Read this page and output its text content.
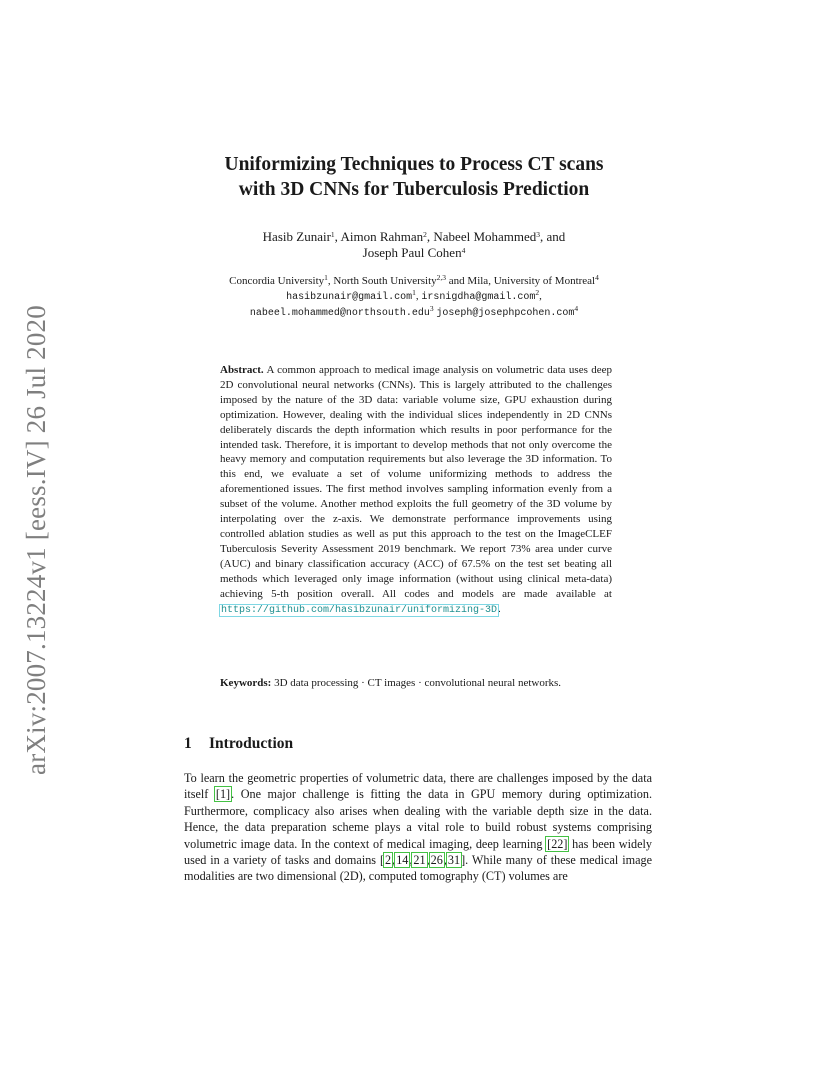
arXiv:2007.13224v1 [eess.IV] 26 Jul 2020
Uniformizing Techniques to Process CT scans
with 3D CNNs for Tuberculosis Prediction
Hasib Zunair$^1$, Aimon Rahman$^2$, Nabeel Mohammed$^3$, and
Joseph Paul Cohen$^4$
Concordia University$^1$, North South University$^{2,3}$ and Mila, University of Montreal$^4$
hasibzunair@gmail.com$^1$, irsnigdha@gmail.com$^2$,
nabeel.mohammed@northsouth.edu$^3$ joseph@josephpcohen.com$^4$
Abstract. A common approach to medical image analysis on volumetric data uses deep 2D convolutional neural networks (CNNs). This is largely attributed to the challenges imposed by the nature of the 3D data: variable volume size, GPU exhaustion during optimization. However, dealing with the individual slices independently in 2D CNNs deliberately discards the depth information which results in poor performance for the intended task. Therefore, it is important to develop methods that not only overcome the heavy memory and computation requirements but also leverage the 3D information. To this end, we evaluate a set of volume uniformizing methods to address the aforementioned issues. The first method involves sampling information evenly from a subset of the volume. Another method exploits the full geometry of the 3D volume by interpolating over the z-axis. We demonstrate performance improvements using controlled ablation studies as well as put this approach to the test on the ImageCLEF Tuberculosis Severity Assessment 2019 benchmark. We report 73% area under curve (AUC) and binary classification accuracy (ACC) of 67.5% on the test set beating all methods which leveraged only image information (without using clinical meta-data) achieving 5-th position overall. All codes and models are made available at https://github.com/hasibzunair/uniformizing-3D.
Keywords: 3D data processing · CT images · convolutional neural networks.
1 Introduction
To learn the geometric properties of volumetric data, there are challenges imposed by the data itself [1]. One major challenge is fitting the data in GPU memory during optimization. Furthermore, complicacy also arises when dealing with the variable depth size in the data. Hence, the data preparation scheme plays a vital role to build robust systems comprising volumetric image data. In the context of medical imaging, deep learning [22] has been widely used in a variety of tasks and domains [2,14,21,26,31]. While many of these medical image modalities are two dimensional (2D), computed tomography (CT) volumes are
